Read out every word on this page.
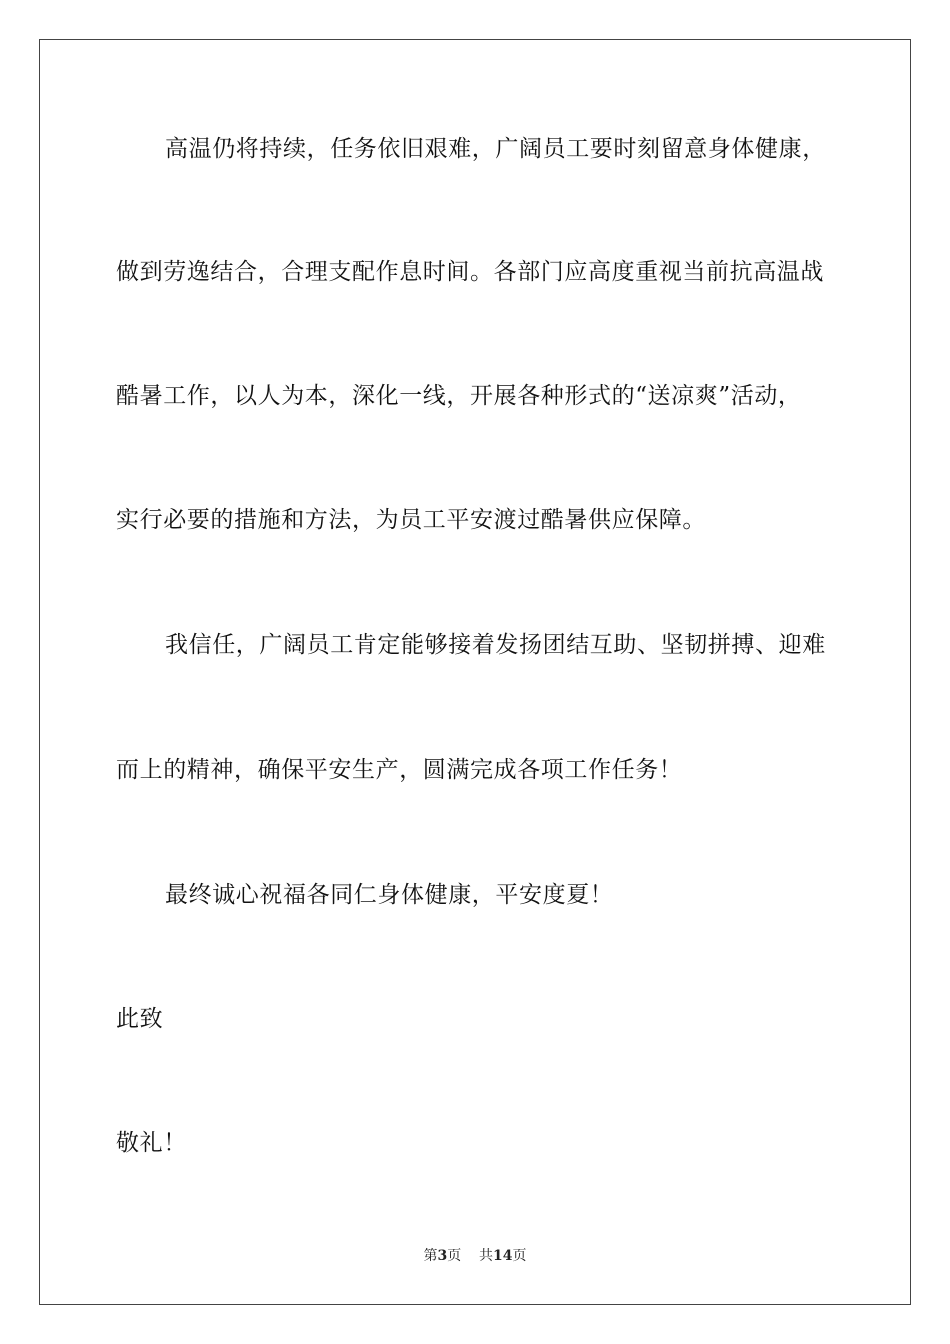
高温仍将持续，任务依旧艰难，广阔员工要时刻留意身体健康，
做到劳逸结合，合理支配作息时间。各部门应高度重视当前抗高温战
酷暑工作，以人为本，深化一线，开展各种形式的“送凉爽”活动，
实行必要的措施和方法，为员工平安渡过酷暑供应保障。
我信任，广阔员工肯定能够接着发扬团结互助、坚韧拼搏、迎难
而上的精神，确保平安生产，圆满完成各项工作任务！
最终诚心祝福各同仁身体健康，平安度夏！
此致
敬礼！
第3页 共14页
